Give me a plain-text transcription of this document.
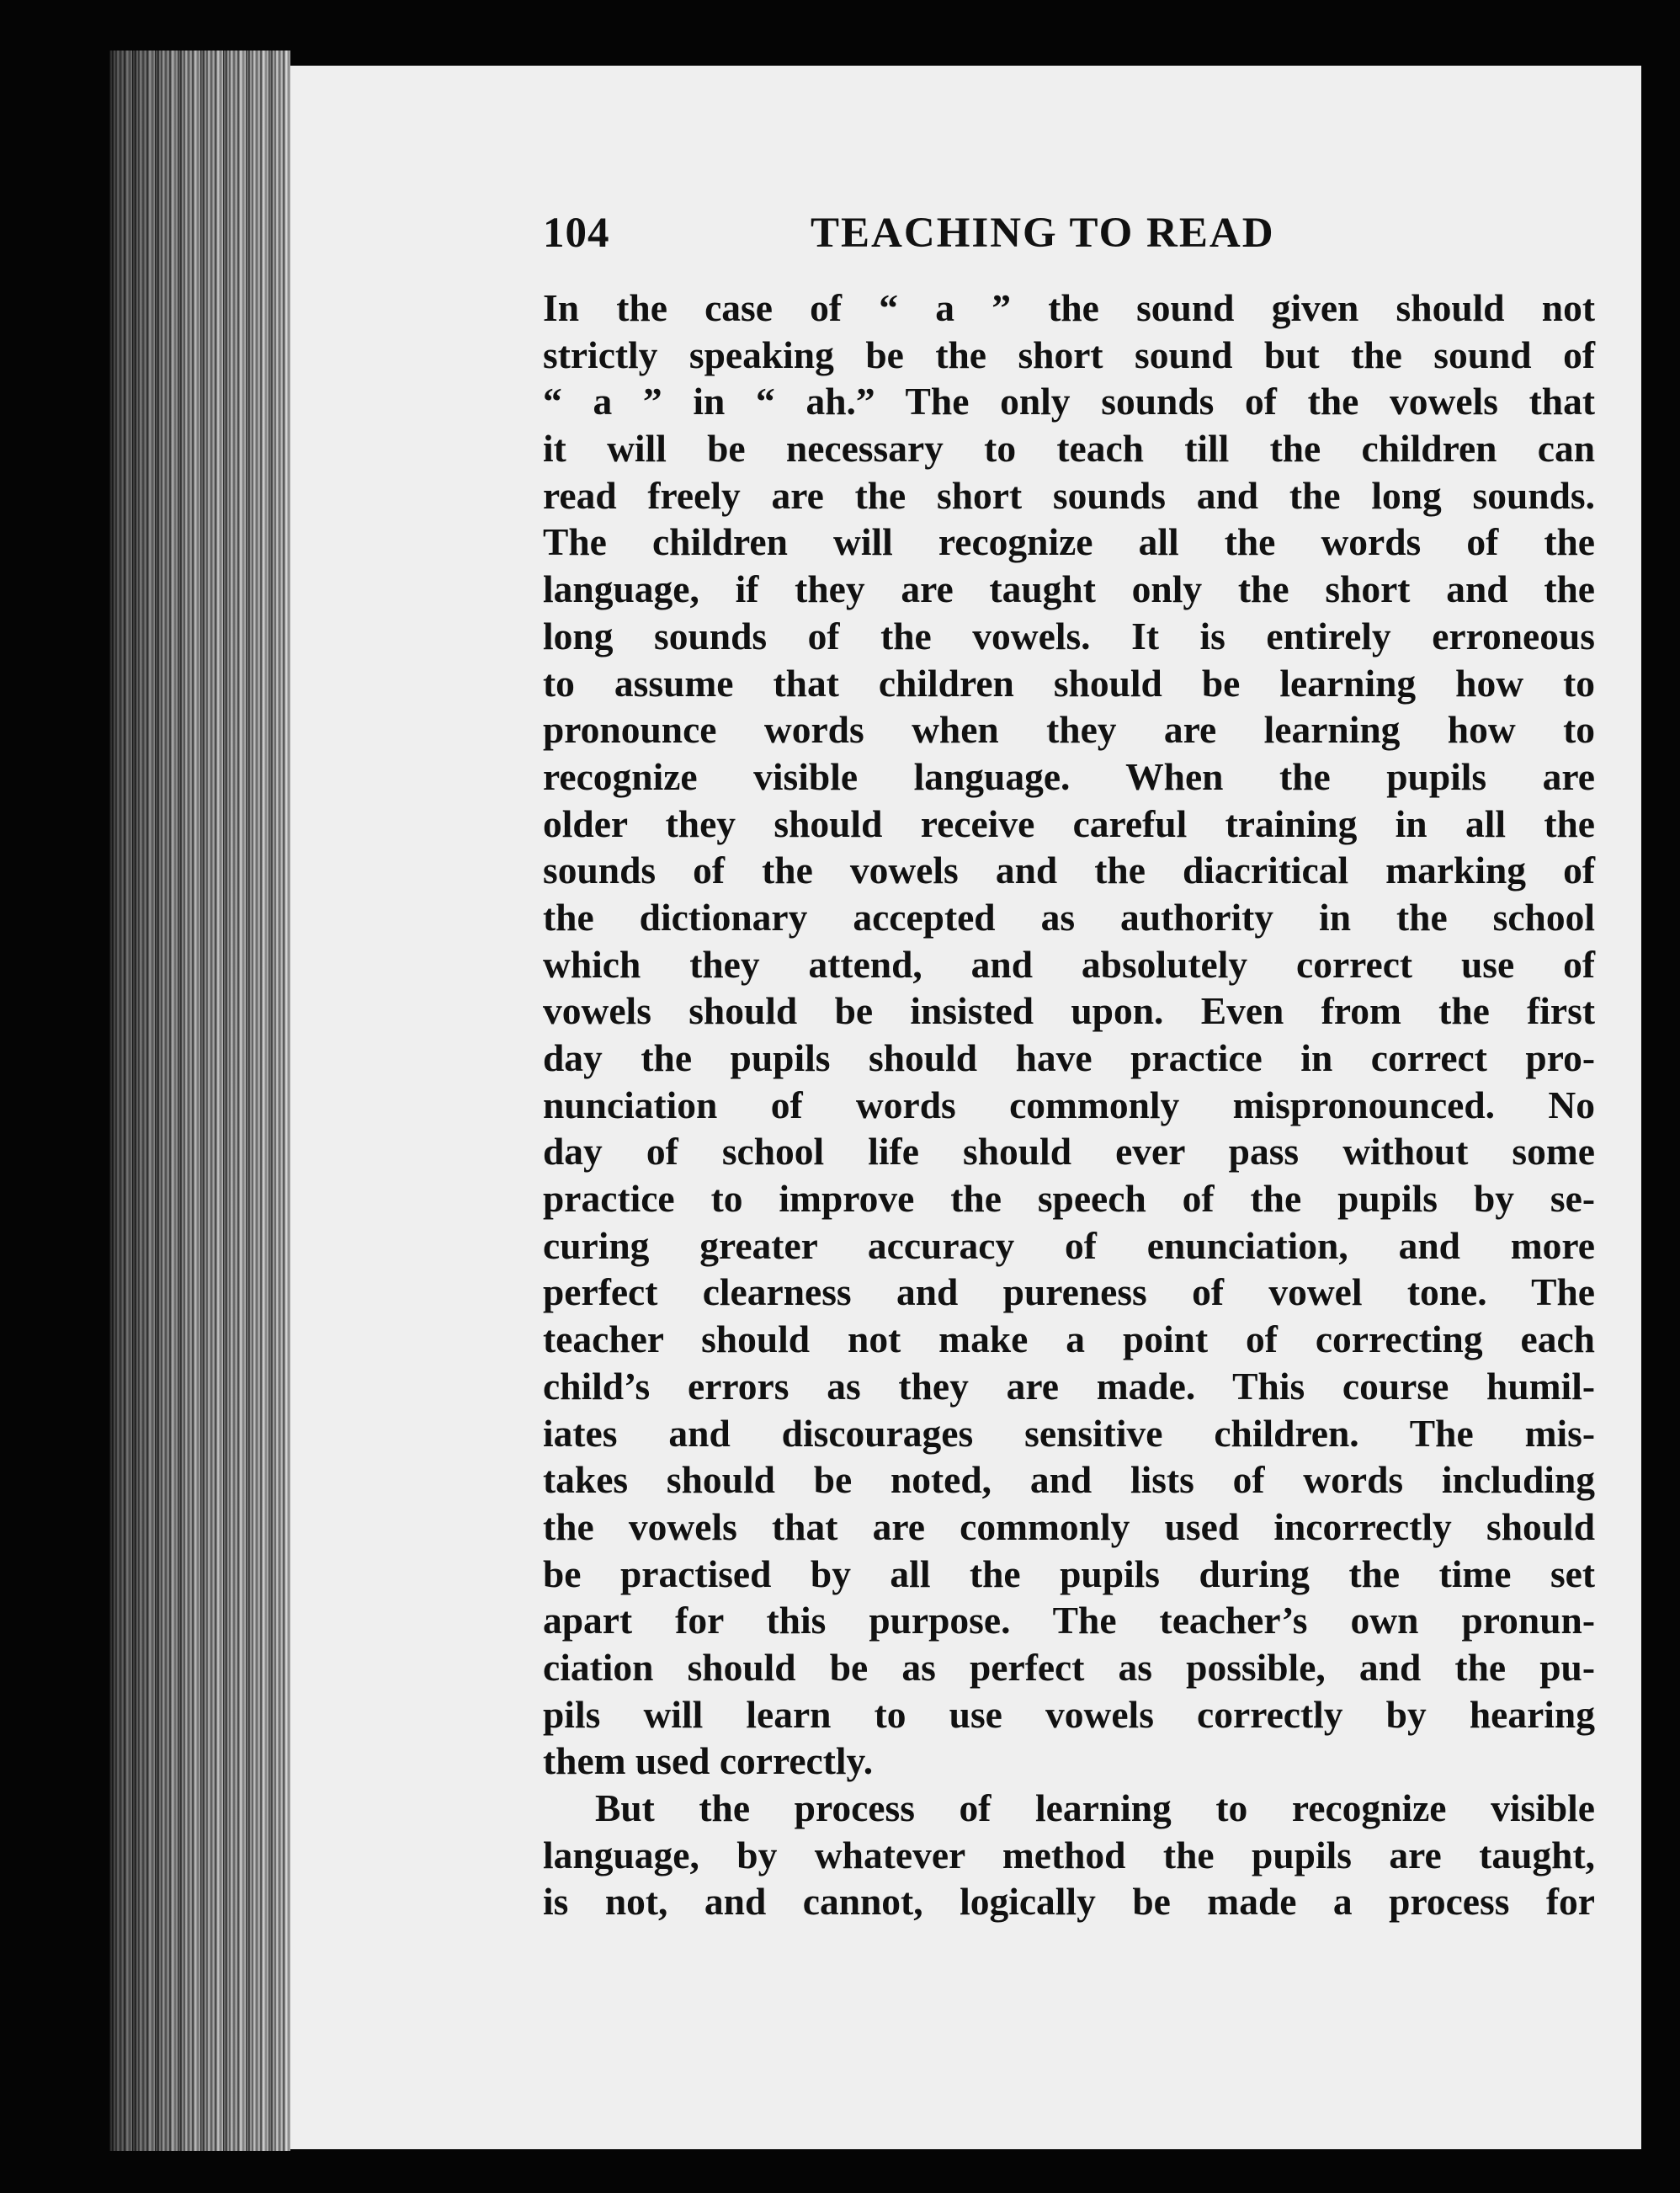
104	TEACHING TO READ
In the case of “ a ” the sound given should not
strictly speaking be the short sound but the sound of
“ a ” in “ ah.” The only sounds of the vowels that
it will be necessary to teach till the children can
read freely are the short sounds and the long sounds.
The children will recognize all the words of the
language, if they are taught only the short and the
long sounds of the vowels. It is entirely erroneous
to assume that children should be learning how to
pronounce words when they are learning how to
recognize visible language. When the pupils are
older they should receive careful training in all the
sounds of the vowels and the diacritical marking of
the dictionary accepted as authority in the school
which they attend, and absolutely correct use of
vowels should be insisted upon. Even from the first
day the pupils should have practice in correct pro-
nunciation of words commonly mispronounced. No
day of school life should ever pass without some
practice to improve the speech of the pupils by se-
curing greater accuracy of enunciation, and more
perfect clearness and pureness of vowel tone. The
teacher should not make a point of correcting each
child’s errors as they are made. This course humil-
iates and discourages sensitive children. The mis-
takes should be noted, and lists of words including
the vowels that are commonly used incorrectly should
be practised by all the pupils during the time set
apart for this purpose. The teacher’s own pronun-
ciation should be as perfect as possible, and the pu-
pils will learn to use vowels correctly by hearing
them used correctly.
But the process of learning to recognize visible
language, by whatever method the pupils are taught,
is not, and cannot, logically be made a process for
